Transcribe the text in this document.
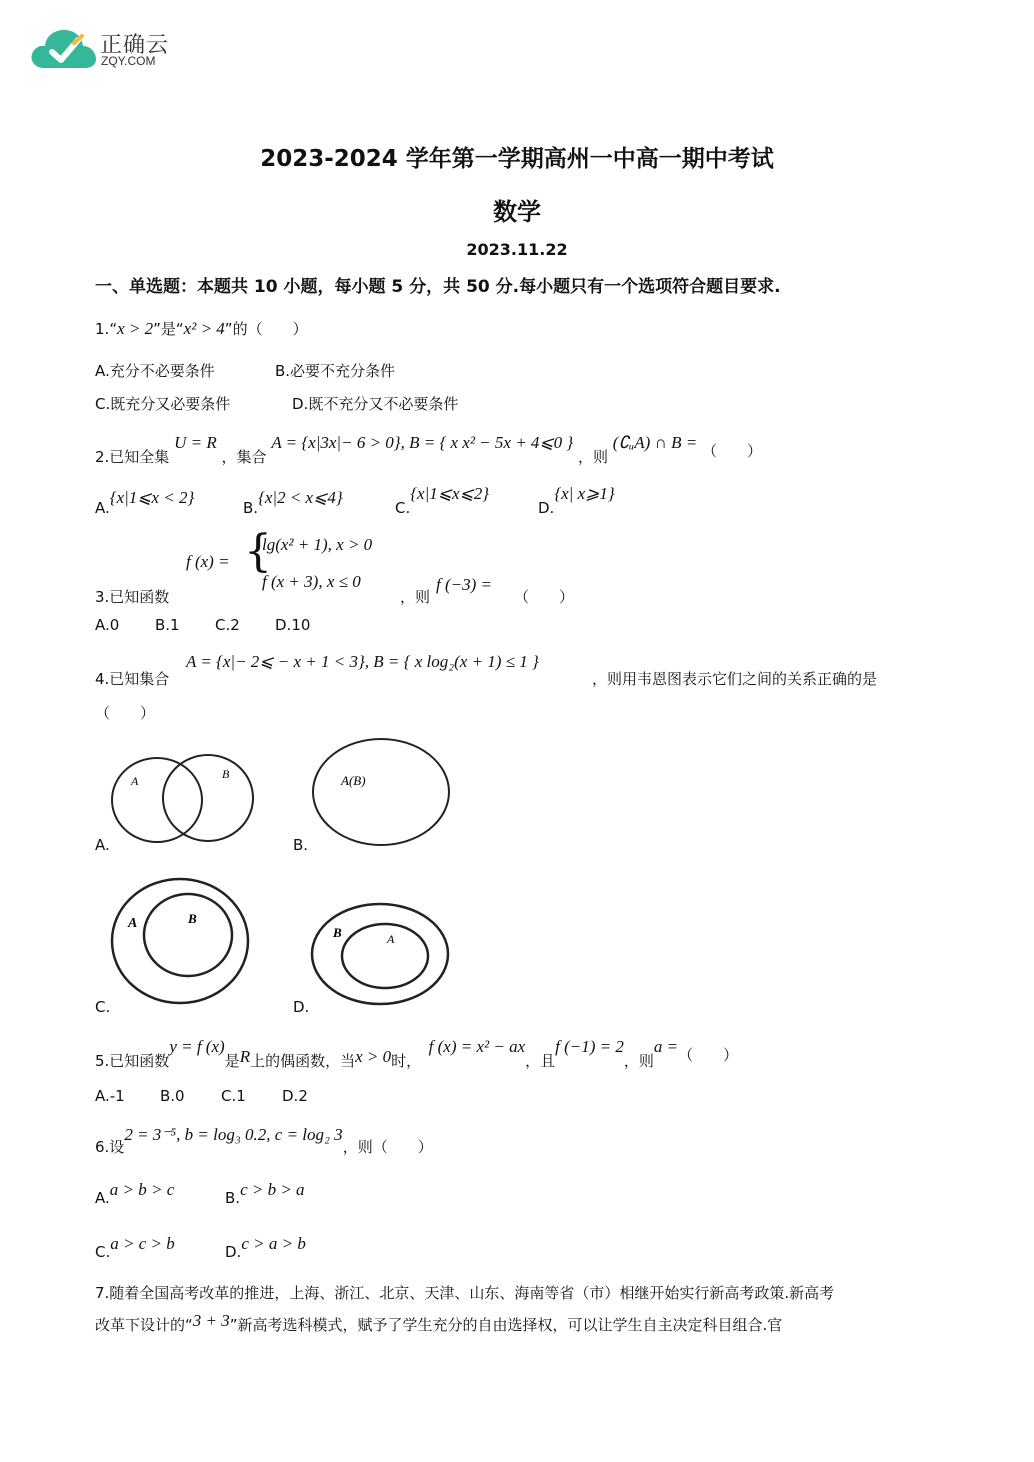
正确云
ZQY.COM
2023-2024 学年第一学期高州一中高一期中考试
数学
2023.11.22
一、单选题：本题共 10 小题，每小题 5 分，共 50 分.每小题只有一个选项符合题目要求.
1.“x > 2”是“x² > 4”的（　　）
A.充分不必要条件	B.必要不充分条件
C.既充分又必要条件	D.既不充分又不必要条件
2.已知全集 U = R ，集合 A = {x|3x|− 6 > 0}, B = { x x² − 5x + 4⩽0 } ，则 (∁ᵤA) ∩ B = （　　）
A.{x|1⩽x < 2}
B.{x|2 < x⩽4}
C.{x|1⩽x⩽2}
D.{x| x⩾1}
3.已知函数
f (x) = {
lg(x² + 1), x > 0
f (x + 3), x ≤ 0
，则
f (−3) =
（　　）
A.0 B.1 C.2 D.10
4.已知集合
A = {x|− 2⩽ − x + 1 < 3}, B = { x log₂(x + 1) ≤ 1 }
，则用韦恩图表示它们之间的关系正确的是
（　　）
A	B
A.
A(B)
B.
A	B
C.
B	A
D.
5.已知函数y = f (x)是R上的偶函数，当x > 0时，　f (x) = x² − ax，且f (−1) = 2，则a =（　　）
A.-1 B.0 C.1 D.2
6.设2 = 3⁻⁵, b = log₃ 0.2, c = log₂ 3，则（　　）
A.a > b > c	B.c > b > a
C.a > c > b	D.c > a > b
7.随着全国高考改革的推进，上海、浙江、北京、天津、山东、海南等省（市）相继开始实行新高考政策.新高考
改革下设计的“3 + 3”新高考选科模式，赋予了学生充分的自由选择权，可以让学生自主决定科目组合.官
